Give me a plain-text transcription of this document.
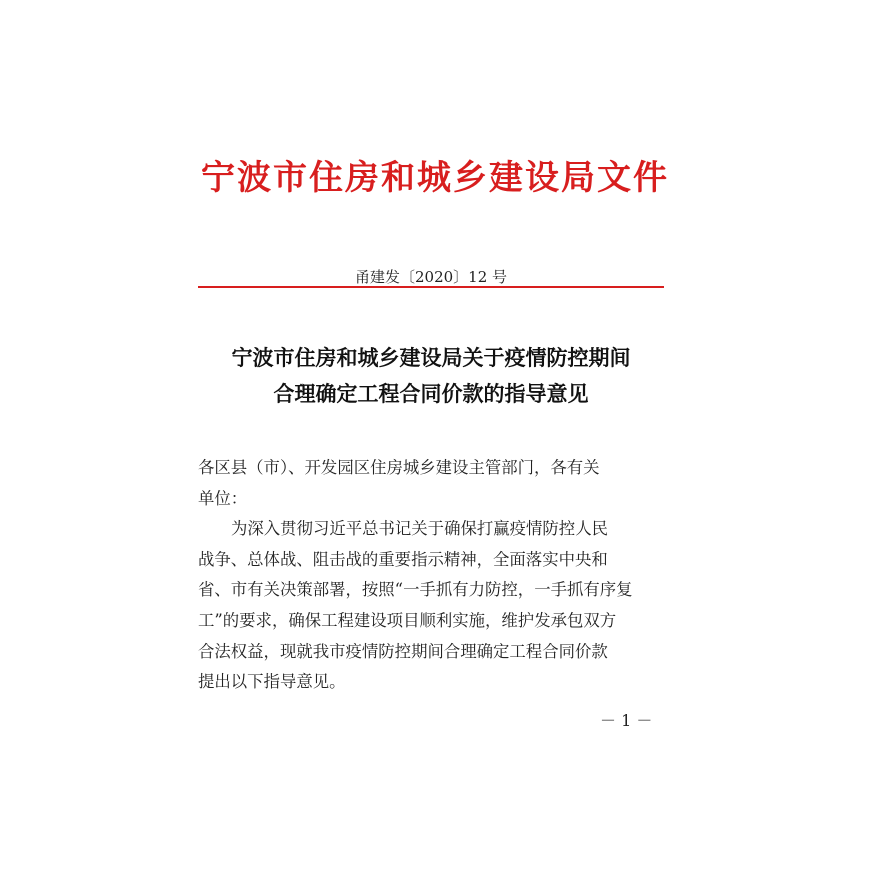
宁波市住房和城乡建设局文件
甬建发〔2020〕12 号
宁波市住房和城乡建设局关于疫情防控期间
合理确定工程合同价款的指导意见

各区县（市）、开发园区住房城乡建设主管部门，各有关

单位：

为深入贯彻习近平总书记关于确保打赢疫情防控人民

战争、总体战、阻击战的重要指示精神，全面落实中央和

省、市有关决策部署，按照“一手抓有力防控，一手抓有序复

工”的要求，确保工程建设项目顺利实施，维护发承包双方

合法权益，现就我市疫情防控期间合理确定工程合同价款

提出以下指导意见。

－ 1 －
